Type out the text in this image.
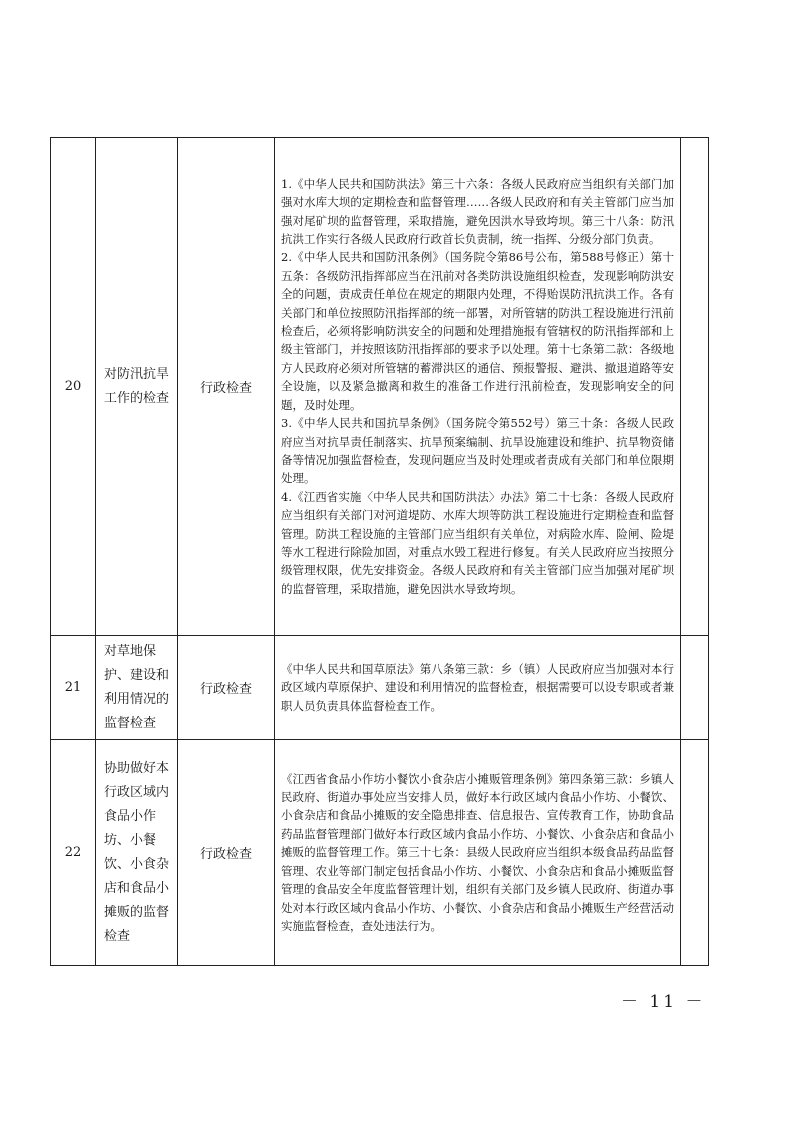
20	对防汛抗旱工作的检查	行政检查	1.《中华人民共和国防洪法》第三十六条：各级人民政府应当组织有关部门加强对水库大坝的定期检查和监督管理……各级人民政府和有关主管部门应当加强对尾矿坝的监督管理，采取措施，避免因洪水导致垮坝。第三十八条：防汛抗洪工作实行各级人民政府行政首长负责制，统一指挥、分级分部门负责。

2.《中华人民共和国防汛条例》（国务院令第86号公布，第588号修正）第十五条：各级防汛指挥部应当在汛前对各类防洪设施组织检查，发现影响防洪安全的问题，责成责任单位在规定的期限内处理，不得贻误防汛抗洪工作。各有关部门和单位按照防汛指挥部的统一部署，对所管辖的防洪工程设施进行汛前检查后，必须将影响防洪安全的问题和处理措施报有管辖权的防汛指挥部和上级主管部门，并按照该防汛指挥部的要求予以处理。第十七条第二款：各级地方人民政府必须对所管辖的蓄滞洪区的通信、预报警报、避洪、撤退道路等安全设施，以及紧急撤离和救生的准备工作进行汛前检查，发现影响安全的问题，及时处理。

3.《中华人民共和国抗旱条例》（国务院令第552号）第三十条：各级人民政府应当对抗旱责任制落实、抗旱预案编制、抗旱设施建设和维护、抗旱物资储备等情况加强监督检查，发现问题应当及时处理或者责成有关部门和单位限期处理。

4.《江西省实施〈中华人民共和国防洪法〉办法》第二十七条：各级人民政府应当组织有关部门对河道堤防、水库大坝等防洪工程设施进行定期检查和监督管理。防洪工程设施的主管部门应当组织有关单位，对病险水库、险闸、险堤等水工程进行除险加固，对重点水毁工程进行修复。有关人民政府应当按照分级管理权限，优先安排资金。各级人民政府和有关主管部门应当加强对尾矿坝的监督管理，采取措施，避免因洪水导致垮坝。	

21	对草地保护、建设和利用情况的监督检查	行政检查	《中华人民共和国草原法》第八条第三款：乡（镇）人民政府应当加强对本行政区域内草原保护、建设和利用情况的监督检查，根据需要可以设专职或者兼职人员负责具体监督检查工作。	

22	协助做好本行政区域内食品小作坊、小餐饮、小食杂店和食品小摊贩的监督检查	行政检查	《江西省食品小作坊小餐饮小食杂店小摊贩管理条例》第四条第三款：乡镇人民政府、街道办事处应当安排人员，做好本行政区域内食品小作坊、小餐饮、小食杂店和食品小摊贩的安全隐患排查、信息报告、宣传教育工作，协助食品药品监督管理部门做好本行政区域内食品小作坊、小餐饮、小食杂店和食品小摊贩的监督管理工作。第三十七条：县级人民政府应当组织本级食品药品监督管理、农业等部门制定包括食品小作坊、小餐饮、小食杂店和食品小摊贩监督管理的食品安全年度监督管理计划，组织有关部门及乡镇人民政府、街道办事处对本行政区域内食品小作坊、小餐饮、小食杂店和食品小摊贩生产经营活动实施监督检查，查处违法行为。	

－ 11 －
